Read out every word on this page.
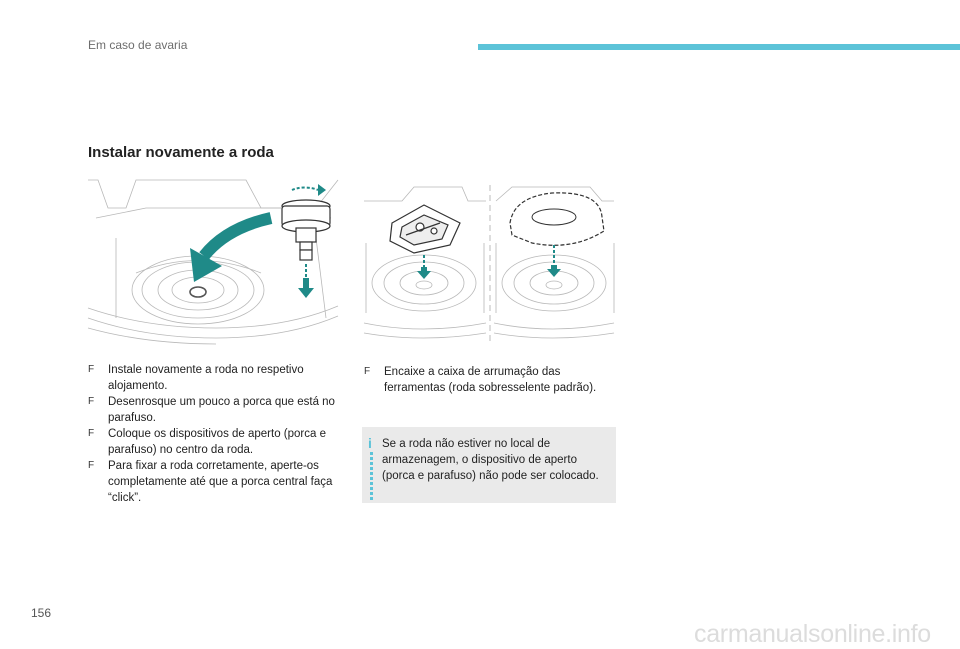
Em caso de avaria
Instalar novamente a roda
F Instale novamente a roda no respetivo alojamento.
F Desenrosque um pouco a porca que está no parafuso.
F Coloque os dispositivos de aperto (porca e parafuso) no centro da roda.
F Para fixar a roda corretamente, aperte-os completamente até que a porca central faça “click”.
F Encaixe a caixa de arrumação das ferramentas (roda sobresselente padrão).
i Se a roda não estiver no local de armazenagem, o dispositivo de aperto (porca e parafuso) não pode ser colocado.
156
carmanualsonline.info
